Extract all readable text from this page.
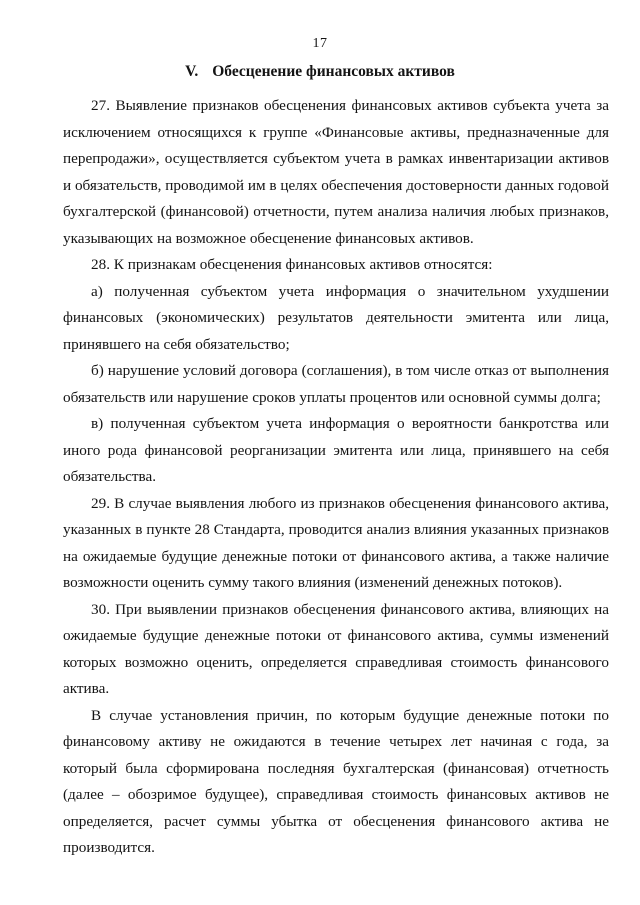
17
V. Обесценение финансовых активов

27. Выявление признаков обесценения финансовых активов субъекта учета за исключением относящихся к группе «Финансовые активы, предназначенные для перепродажи», осуществляется субъектом учета в рамках инвентаризации активов и обязательств, проводимой им в целях обеспечения достоверности данных годовой бухгалтерской (финансовой) отчетности, путем анализа наличия любых признаков, указывающих на возможное обесценение финансовых активов.

28. К признакам обесценения финансовых активов относятся:

а) полученная субъектом учета информация о значительном ухудшении финансовых (экономических) результатов деятельности эмитента или лица, принявшего на себя обязательство;

б) нарушение условий договора (соглашения), в том числе отказ от выполнения обязательств или нарушение сроков уплаты процентов или основной суммы долга;

в) полученная субъектом учета информация о вероятности банкротства или иного рода финансовой реорганизации эмитента или лица, принявшего на себя обязательства.

29. В случае выявления любого из признаков обесценения финансового актива, указанных в пункте 28 Стандарта, проводится анализ влияния указанных признаков на ожидаемые будущие денежные потоки от финансового актива, а также наличие возможности оценить сумму такого влияния (изменений денежных потоков).

30. При выявлении признаков обесценения финансового актива, влияющих на ожидаемые будущие денежные потоки от финансового актива, суммы изменений которых возможно оценить, определяется справедливая стоимость финансового актива.

В случае установления причин, по которым будущие денежные потоки по финансовому активу не ожидаются в течение четырех лет начиная с года, за который была сформирована последняя бухгалтерская (финансовая) отчетность (далее – обозримое будущее), справедливая стоимость финансовых активов не определяется, расчет суммы убытка от обесценения финансового актива не производится.
